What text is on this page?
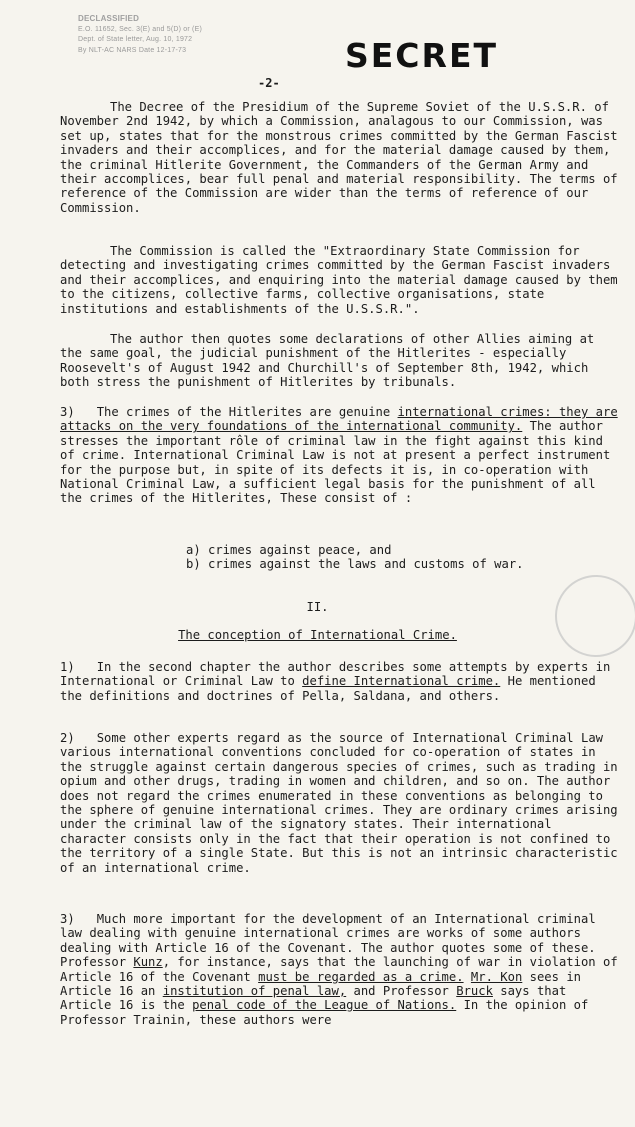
DECLASSIFIED
E.O. 11652, Sec. 3(E) and 5(D) or (E)
Dept. of State letter, Aug. 10, 1972
By NLT-AC NARS Date 12-17-73	SECRET
-2-

The Decree of the Presidium of the Supreme Soviet of the U.S.S.R. of November 2nd 1942, by which a Commission, analagous to our Commission, was set up, states that for the monstrous crimes committed by the German Fascist invaders and their accomplices, and for the material damage caused by them, the criminal Hitlerite Government, the Commanders of the German Army and their accomplices, bear full penal and material responsibility. The terms of reference of the Commission are wider than the terms of reference of our Commission.

The Commission is called the "Extraordinary State Commission for detecting and investigating crimes committed by the German Fascist invaders and their accomplices, and enquiring into the material damage caused by them to the citizens, collective farms, collective organisations, state institutions and establishments of the U.S.S.R.".

The author then quotes some declarations of other Allies aiming at the same goal, the judicial punishment of the Hitlerites - especially Roosevelt's of August 1942 and Churchill's of September 8th, 1942, which both stress the punishment of Hitlerites by tribunals.

3) The crimes of the Hitlerites are genuine international crimes: they are attacks on the very foundations of the international community. The author stresses the important rôle of criminal law in the fight against this kind of crime. International Criminal Law is not at present a perfect instrument for the purpose but, in spite of its defects it is, in co-operation with National Criminal Law, a sufficient legal basis for the punishment of all the crimes of the Hitlerites, These consist of :

a) crimes against peace, and
b) crimes against the laws and customs of war.
II.
The conception of International Crime.

1) In the second chapter the author describes some attempts by experts in International or Criminal Law to define International crime. He mentioned the definitions and doctrines of Pella, Saldana, and others.

2) Some other experts regard as the source of International Criminal Law various international conventions concluded for co-operation of states in the struggle against certain dangerous species of crimes, such as trading in opium and other drugs, trading in women and children, and so on. The author does not regard the crimes enumerated in these conventions as belonging to the sphere of genuine international crimes. They are ordinary crimes arising under the criminal law of the signatory states. Their international character consists only in the fact that their operation is not confined to the territory of a single State. But this is not an intrinsic characteristic of an international crime.

3) Much more important for the development of an International criminal law dealing with genuine international crimes are works of some authors dealing with Article 16 of the Covenant. The author quotes some of these. Professor Kunz, for instance, says that the launching of war in violation of Article 16 of the Covenant must be regarded as a crime. Mr. Kon sees in Article 16 an institution of penal law, and Professor Bruck says that Article 16 is the penal code of the League of Nations. In the opinion of Professor Trainin, these authors were
